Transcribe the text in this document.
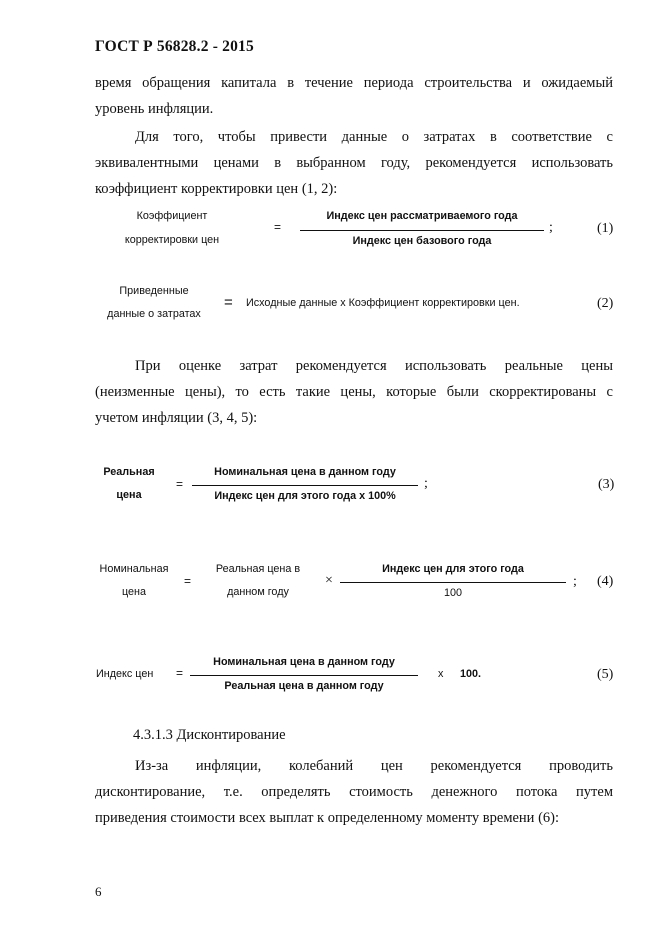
ГОСТ Р 56828.2 - 2015
время обращения капитала в течение периода строительства и ожидаемый
уровень инфляции.
Для того, чтобы привести данные о затратах в соответствие с
эквивалентными ценами в выбранном году, рекомендуется использовать
коэффициент корректировки цен (1, 2):
Коэффициент
корректировки цен
=
Индекс цен рассматриваемого года
Индекс цен базового года
;	(1)
Приведенные
данные о затратах
= Исходные данные х Коэффициент корректировки цен.	(2)
При оценке затрат рекомендуется использовать реальные цены
(неизменные цены), то есть такие цены, которые были скорректированы с
учетом инфляции (3, 4, 5):
Реальная
цена
=
Номинальная цена в данном году
Индекс цен для этого года х 100%
;	(3)
Номинальная
цена
=
Реальная цена в
данном году
×
Индекс цен для этого года
100
; (4)
Индекс цен =
Номинальная цена в данном году
Реальная цена в данном году
х 100.	(5)
4.3.1.3 Дисконтирование
Из-за инфляции, колебаний цен рекомендуется проводить
дисконтирование, т.е. определять стоимость денежного потока путем
приведения стоимости всех выплат к определенному моменту времени (6):
6
